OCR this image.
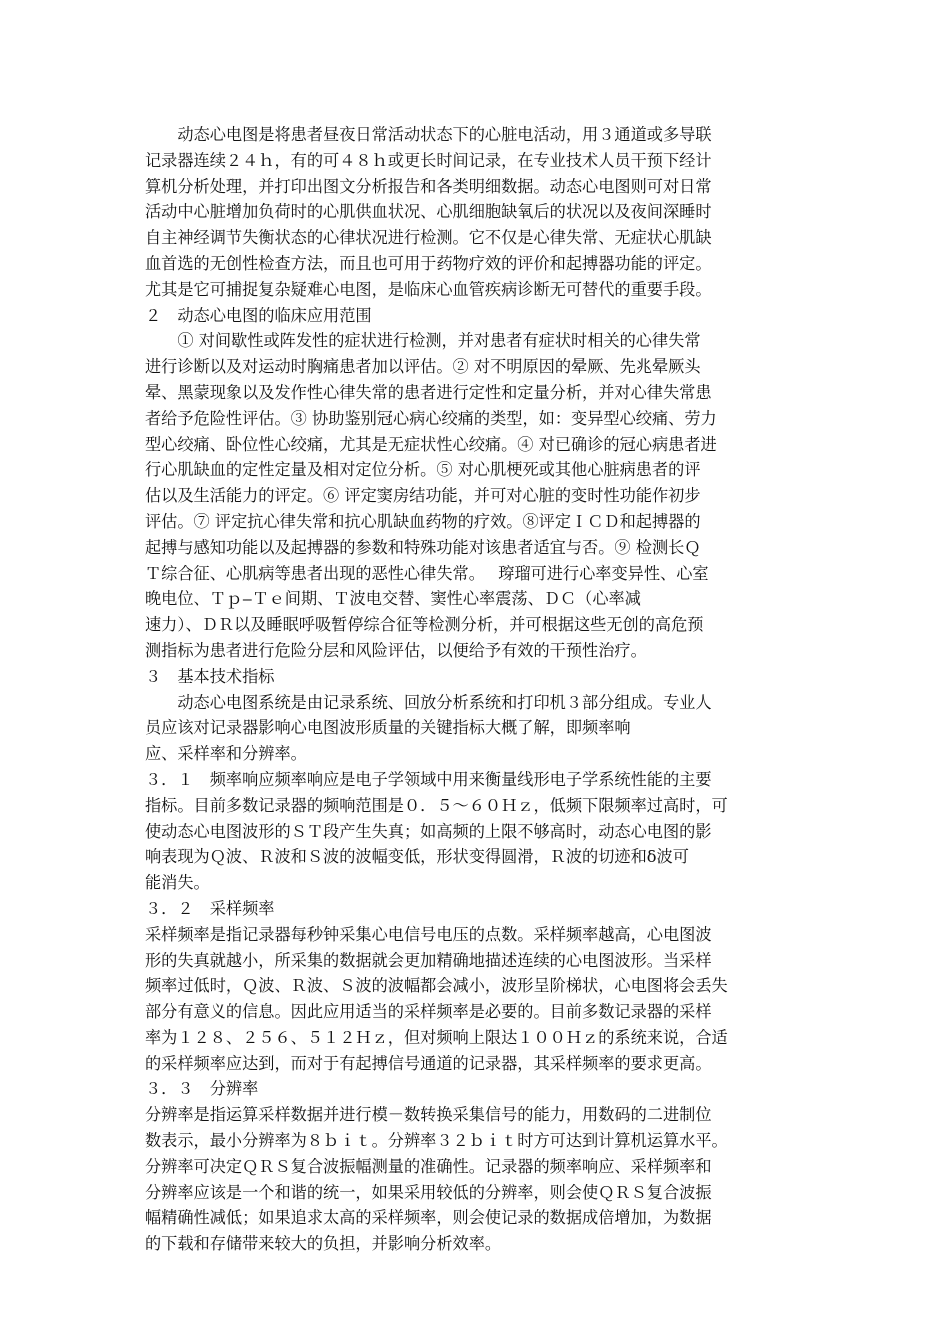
　　动态心电图是将患者昼夜日常活动状态下的心脏电活动，用３通道或多导联
记录器连续２４ｈ，有的可４８ｈ或更长时间记录，在专业技术人员干预下经计
算机分析处理，并打印出图文分析报告和各类明细数据。动态心电图则可对日常
活动中心脏增加负荷时的心肌供血状况、心肌细胞缺氧后的状况以及夜间深睡时
自主神经调节失衡状态的心律状况进行检测。它不仅是心律失常、无症状心肌缺
血首选的无创性检查方法，而且也可用于药物疗效的评价和起搏器功能的评定。
尤其是它可捕捉复杂疑难心电图，是临床心血管疾病诊断无可替代的重要手段。
２　动态心电图的临床应用范围
　　① 对间歇性或阵发性的症状进行检测，并对患者有症状时相关的心律失常
进行诊断以及对运动时胸痛患者加以评估。② 对不明原因的晕厥、先兆晕厥头
晕、黑蒙现象以及发作性心律失常的患者进行定性和定量分析，并对心律失常患
者给予危险性评估。③ 协助鉴别冠心病心绞痛的类型，如：变异型心绞痛、劳力
型心绞痛、卧位性心绞痛，尤其是无症状性心绞痛。④ 对已确诊的冠心病患者进
行心肌缺血的定性定量及相对定位分析。⑤ 对心肌梗死或其他心脏病患者的评
估以及生活能力的评定。⑥ 评定窦房结功能，并可对心脏的变时性功能作初步
评估。⑦ 评定抗心律失常和抗心肌缺血药物的疗效。⑧评定ＩＣＤ和起搏器的
起搏与感知功能以及起搏器的参数和特殊功能对该患者适宜与否。⑨ 检测长Ｑ
Ｔ综合征、心肌病等患者出现的恶性心律失常。　 瑏瑠可进行心率变异性、心室
晚电位、Ｔｐ‒Ｔｅ间期、Ｔ波电交替、窦性心率震荡、ＤＣ（心率减
速力）、ＤＲ以及睡眠呼吸暂停综合征等检测分析，并可根据这些无创的高危预
测指标为患者进行危险分层和风险评估，以便给予有效的干预性治疗。
３　基本技术指标
　　动态心电图系统是由记录系统、回放分析系统和打印机３部分组成。专业人
员应该对记录器影响心电图波形质量的关键指标大概了解，即频率响
应、采样率和分辨率。
３．１　频率响应频率响应是电子学领域中用来衡量线形电子学系统性能的主要
指标。目前多数记录器的频响范围是０．５～６０Ｈｚ，低频下限频率过高时，可
使动态心电图波形的ＳＴ段产生失真；如高频的上限不够高时，动态心电图的影
响表现为Ｑ波、Ｒ波和Ｓ波的波幅变低，形状变得圆滑，Ｒ波的切迹和δ波可
能消失。
３．２　采样频率
采样频率是指记录器每秒钟采集心电信号电压的点数。采样频率越高，心电图波
形的失真就越小，所采集的数据就会更加精确地描述连续的心电图波形。当采样
频率过低时，Ｑ波、Ｒ波、Ｓ波的波幅都会减小，波形呈阶梯状，心电图将会丢失
部分有意义的信息。因此应用适当的采样频率是必要的。目前多数记录器的采样
率为１２８、２５６、５１２Ｈｚ，但对频响上限达１００Ｈｚ的系统来说，合适
的采样频率应达到，而对于有起搏信号通道的记录器，其采样频率的要求更高。
３．３　分辨率
分辨率是指运算采样数据并进行模－数转换采集信号的能力，用数码的二进制位
数表示，最小分辨率为８ｂｉｔ。分辨率３２ｂｉｔ时方可达到计算机运算水平。
分辨率可决定ＱＲＳ复合波振幅测量的准确性。记录器的频率响应、采样频率和
分辨率应该是一个和谐的统一，如果采用较低的分辨率，则会使ＱＲＳ复合波振
幅精确性减低；如果追求太高的采样频率，则会使记录的数据成倍增加，为数据
的下载和存储带来较大的负担，并影响分析效率。
